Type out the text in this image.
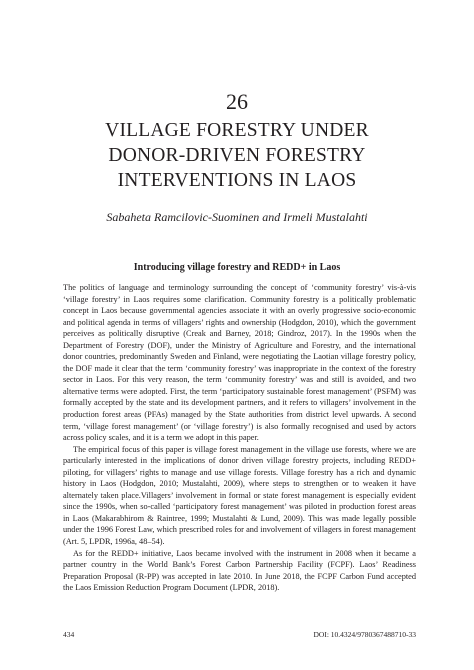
26
VILLAGE FORESTRY UNDER
DONOR-DRIVEN FORESTRY
INTERVENTIONS IN LAOS
Sabaheta Ramcilovic-Suominen and Irmeli Mustalahti
Introducing village forestry and REDD+ in Laos

The politics of language and terminology surrounding the concept of ‘community forestry’ vis-à-vis ‘village forestry’ in Laos requires some clarification. Community forestry is a politically problematic concept in Laos because governmental agencies associate it with an overly progressive socio-economic and political agenda in terms of villagers’ rights and ownership (Hodgdon, 2010), which the government perceives as politically disruptive (Creak and Barney, 2018; Gindroz, 2017). In the 1990s when the Department of Forestry (DOF), under the Ministry of Agriculture and Forestry, and the international donor countries, predominantly Sweden and Finland, were negotiating the Laotian village forestry policy, the DOF made it clear that the term ‘community forestry’ was inappropriate in the context of the forestry sector in Laos. For this very reason, the term ‘community forestry’ was and still is avoided, and two alternative terms were adopted. First, the term ‘participatory sustainable forest management’ (PSFM) was formally accepted by the state and its development partners, and it refers to villagers’ involvement in the production forest areas (PFAs) managed by the State authorities from district level upwards. A second term, ‘village forest management’ (or ‘village forestry’) is also formally recognised and used by actors across policy scales, and it is a term we adopt in this paper.

The empirical focus of this paper is village forest management in the village use forests, where we are particularly interested in the implications of donor driven village forestry projects, including REDD+ piloting, for villagers’ rights to manage and use village forests. Village forestry has a rich and dynamic history in Laos (Hodgdon, 2010; Mustalahti, 2009), where steps to strengthen or to weaken it have alternately taken place.Villagers’ involvement in formal or state forest management is especially evident since the 1990s, when so-called ‘participatory forest management’ was piloted in production forest areas in Laos (Makarabhirom & Raintree, 1999; Mustalahti & Lund, 2009). This was made legally possible under the 1996 Forest Law, which prescribed roles for and involvement of villagers in forest management (Art. 5, LPDR, 1996a, 48–54).

As for the REDD+ initiative, Laos became involved with the instrument in 2008 when it became a partner country in the World Bank’s Forest Carbon Partnership Facility (FCPF). Laos’ Readiness Preparation Proposal (R-PP) was accepted in late 2010. In June 2018, the FCPF Carbon Fund accepted the Laos Emission Reduction Program Document (LPDR, 2018).

434	DOI: 10.4324/9780367488710-33
